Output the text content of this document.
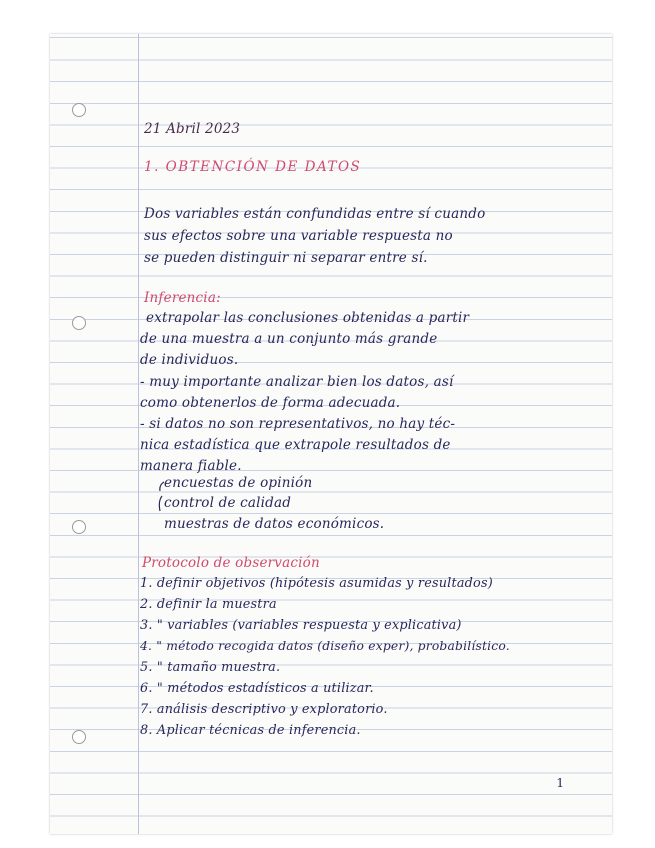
21 Abril 2023
1. OBTENCIÓN DE DATOS
Dos variables están confundidas entre sí cuando
sus efectos sobre una variable respuesta no
se pueden distinguir ni separar entre sí.
Inferencia:
extrapolar las conclusiones obtenidas a partir
de una muestra a un conjunto más grande
de individuos.
- muy importante analizar bien los datos, así
como obtenerlos de forma adecuada.
- si datos no son representativos, no hay téc-
nica estadística que extrapole resultados de
manera fiable.
encuestas de opinión
control de calidad
muestras de datos económicos.
Protocolo de observación
1. definir objetivos (hipótesis asumidas y resultados)
2. definir la muestra
3. " variables (variables respuesta y explicativa)
4. " método recogida datos (diseño exper), probabilístico.
5. " tamaño muestra.
6. " métodos estadísticos a utilizar.
7. análisis descriptivo y exploratorio.
8. Aplicar técnicas de inferencia.
1
